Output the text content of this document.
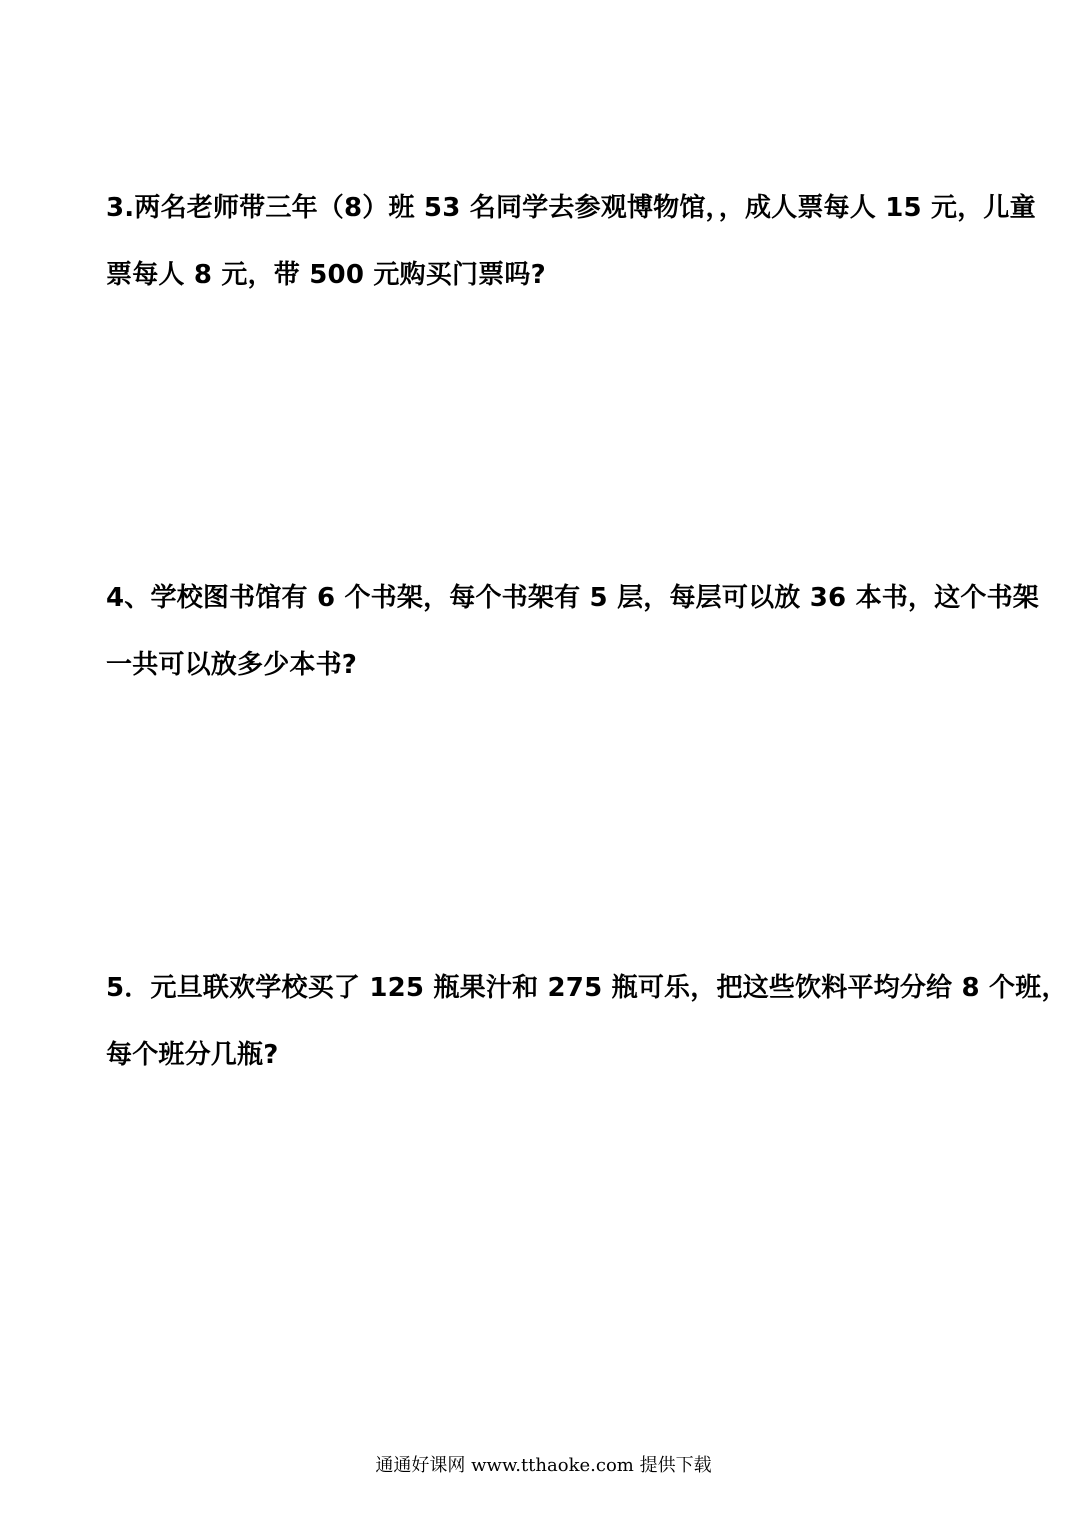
3.两名老师带三年（8）班 53 名同学去参观博物馆，，成人票每人 15 元，儿童
票每人 8 元，带 500 元购买门票吗?
4、学校图书馆有 6 个书架，每个书架有 5 层，每层可以放 36 本书，这个书架
一共可以放多少本书?
5．元旦联欢学校买了 125 瓶果汁和 275 瓶可乐，把这些饮料平均分给 8 个班，
每个班分几瓶?
通通好课网 www.tthaoke.com 提供下载
